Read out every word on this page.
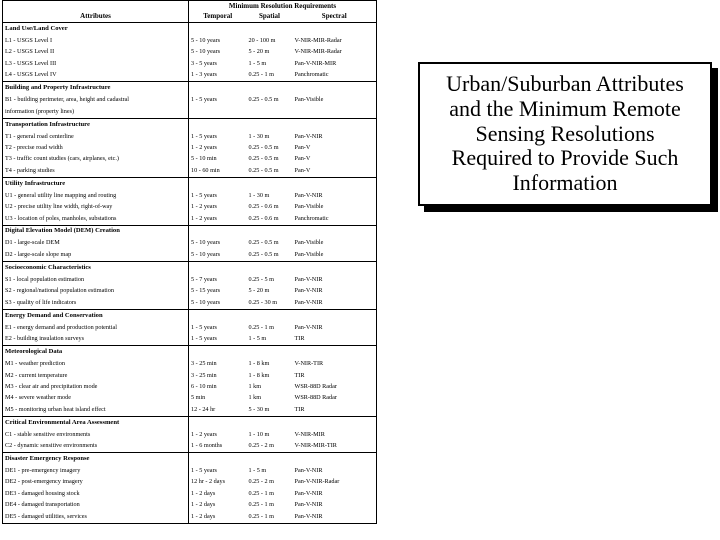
	Minimum Resolution Requirements		
Attributes	Temporal	Spatial	Spectral
Land Use/Land Cover			
L1 - USGS Level I	5 - 10 years	20 - 100 m	V-NIR-MIR-Radar
L2 - USGS Level II	5 - 10 years	5 - 20 m	V-NIR-MIR-Radar
L3 - USGS Level III	3 - 5 years	1 - 5 m	Pan-V-NIR-MIR
L4 - USGS Level IV	1 - 3 years	0.25 - 1 m	Panchromatic
Building and Property Infrastructure			
B1 - building perimeter, area, height and cadastral	1 - 5 years	0.25 - 0.5 m	Pan-Visible
information (property lines)			
Transportation Infrastructure			
T1 - general road centerline	1 - 5 years	1 - 30 m	Pan-V-NIR
T2 - precise road width	1 - 2 years	0.25 - 0.5 m	Pan-V
T3 - traffic count studies (cars, airplanes, etc.)	5 - 10 min	0.25 - 0.5 m	Pan-V
T4 - parking studies	10 - 60 min	0.25 - 0.5 m	Pan-V
Utility Infrastructure			
U1 - general utility line mapping and routing	1 - 5 years	1 - 30 m	Pan-V-NIR
U2 - precise utility line width, right-of-way	1 - 2 years	0.25 - 0.6 m	Pan-Visible
U3 - location of poles, manholes, substations	1 - 2 years	0.25 - 0.6 m	Panchromatic
Digital Elevation Model (DEM) Creation			
D1 - large-scale DEM	5 - 10 years	0.25 - 0.5 m	Pan-Visible
D2 - large-scale slope map	5 - 10 years	0.25 - 0.5 m	Pan-Visible
Socioeconomic Characteristics			
S1 - local population estimation	5 - 7 years	0.25 - 5 m	Pan-V-NIR
S2 - regional/national population estimation	5 - 15 years	5 - 20 m	Pan-V-NIR
S3 - quality of life indicators	5 - 10 years	0.25 - 30 m	Pan-V-NIR
Energy Demand and Conservation			
E1 - energy demand and production potential	1 - 5 years	0.25 - 1 m	Pan-V-NIR
E2 - building insulation surveys	1 - 5 years	1 - 5 m	TIR
Meteorological Data			
M1 - weather prediction	3 - 25 min	1 - 8 km	V-NIR-TIR
M2 - current temperature	3 - 25 min	1 - 8 km	TIR
M3 - clear air and precipitation mode	6 - 10 min	1 km	WSR-88D Radar
M4 - severe weather mode	5 min	1 km	WSR-88D Radar
M5 - monitoring urban heat island effect	12 - 24 hr	5 - 30 m	TIR
Critical Environmental Area Assessment			
C1 - stable sensitive environments	1 - 2 years	1 - 10 m	V-NIR-MIR
C2 - dynamic sensitive environments	1 - 6 months	0.25 - 2 m	V-NIR-MIR-TIR
Disaster Emergency Response			
DE1 - pre-emergency imagery	1 - 5 years	1 - 5 m	Pan-V-NIR
DE2 - post-emergency imagery	12 hr - 2 days	0.25 - 2 m	Pan-V-NIR-Radar
DE3 - damaged housing stock	1 - 2 days	0.25 - 1 m	Pan-V-NIR
DE4 - damaged transportation	1 - 2 days	0.25 - 1 m	Pan-V-NIR
DE5 - damaged utilities, services	1 - 2 days	0.25 - 1 m	Pan-V-NIR
Urban/Suburban Attributes
and the Minimum Remote
Sensing Resolutions
Required to Provide Such
Information
